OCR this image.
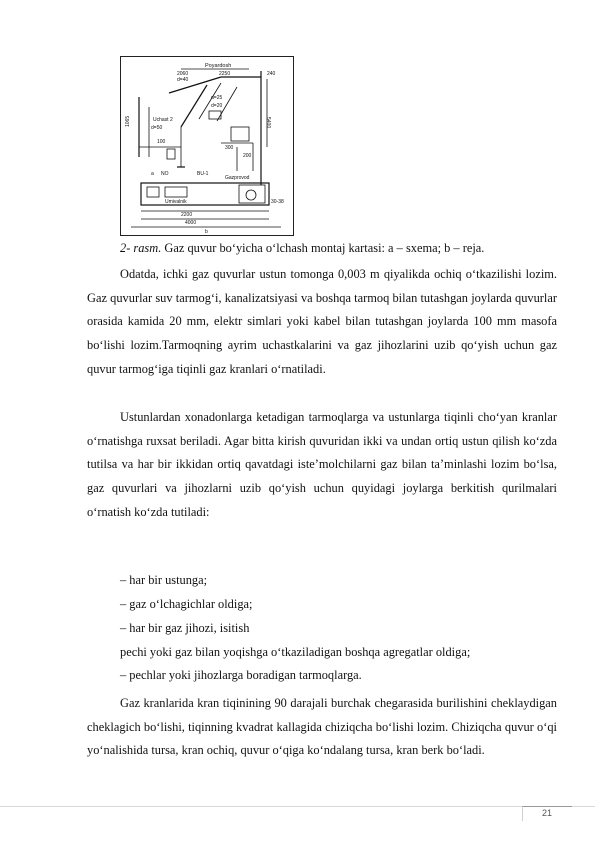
Poyardosh
2060
d=40
2250	240
d=25
d=20
1065
d=50
Uchast 2
100
NO
a
300
200
5400
BU-1
Gazprovod
Umivalnik	30-38
2200
4000
b
2- rasm. Gaz quvur bo‘yicha o‘lchash montaj kartasi: a – sxema; b – reja.

Odatda, ichki gaz quvurlar ustun tomonga 0,003 m qiyalikda ochiq o‘tkazilishi lozim. Gaz quvurlar suv tarmog‘i, kanalizatsiyasi va boshqa tarmoq bilan tutashgan joylarda quvurlar orasida kamida 20 mm, elektr simlari yoki kabel bilan tutashgan joylarda 100 mm masofa bo‘lishi lozim.Tarmoqning ayrim uchastkalarini va gaz jihozlarini uzib qo‘yish uchun gaz quvur tarmog‘iga tiqinli gaz kranlari o‘rnatiladi.

Ustunlardan xonadonlarga ketadigan tarmoqlarga va ustunlarga tiqinli cho‘yan kranlar o‘rnatishga ruxsat beriladi. Agar bitta kirish quvuridan ikki va undan ortiq ustun qilish ko‘zda tutilsa va har bir ikkidan ortiq qavatdagi iste’molchilarni gaz bilan ta’minlashi lozim bo‘lsa, gaz quvurlari va jihozlarni uzib qo‘yish uchun quyidagi joylarga berkitish qurilmalari o‘rnatish ko‘zda tutiladi:

– har bir ustunga;

– gaz o‘lchagichlar oldiga;

– har bir gaz jihozi, isitish

pechi yoki gaz bilan yoqishga o‘tkaziladigan boshqa agregatlar oldiga;

– pechlar yoki jihozlarga boradigan tarmoqlarga.

Gaz kranlarida kran tiqinining 90 darajali burchak chegarasida burilishini cheklaydigan cheklagich bo‘lishi, tiqinning kvadrat kallagida chiziqcha bo‘lishi lozim. Chiziqcha quvur o‘qi yo‘nalishida tursa, kran ochiq, quvur o‘qiga ko‘ndalang tursa, kran berk bo‘ladi.

21
